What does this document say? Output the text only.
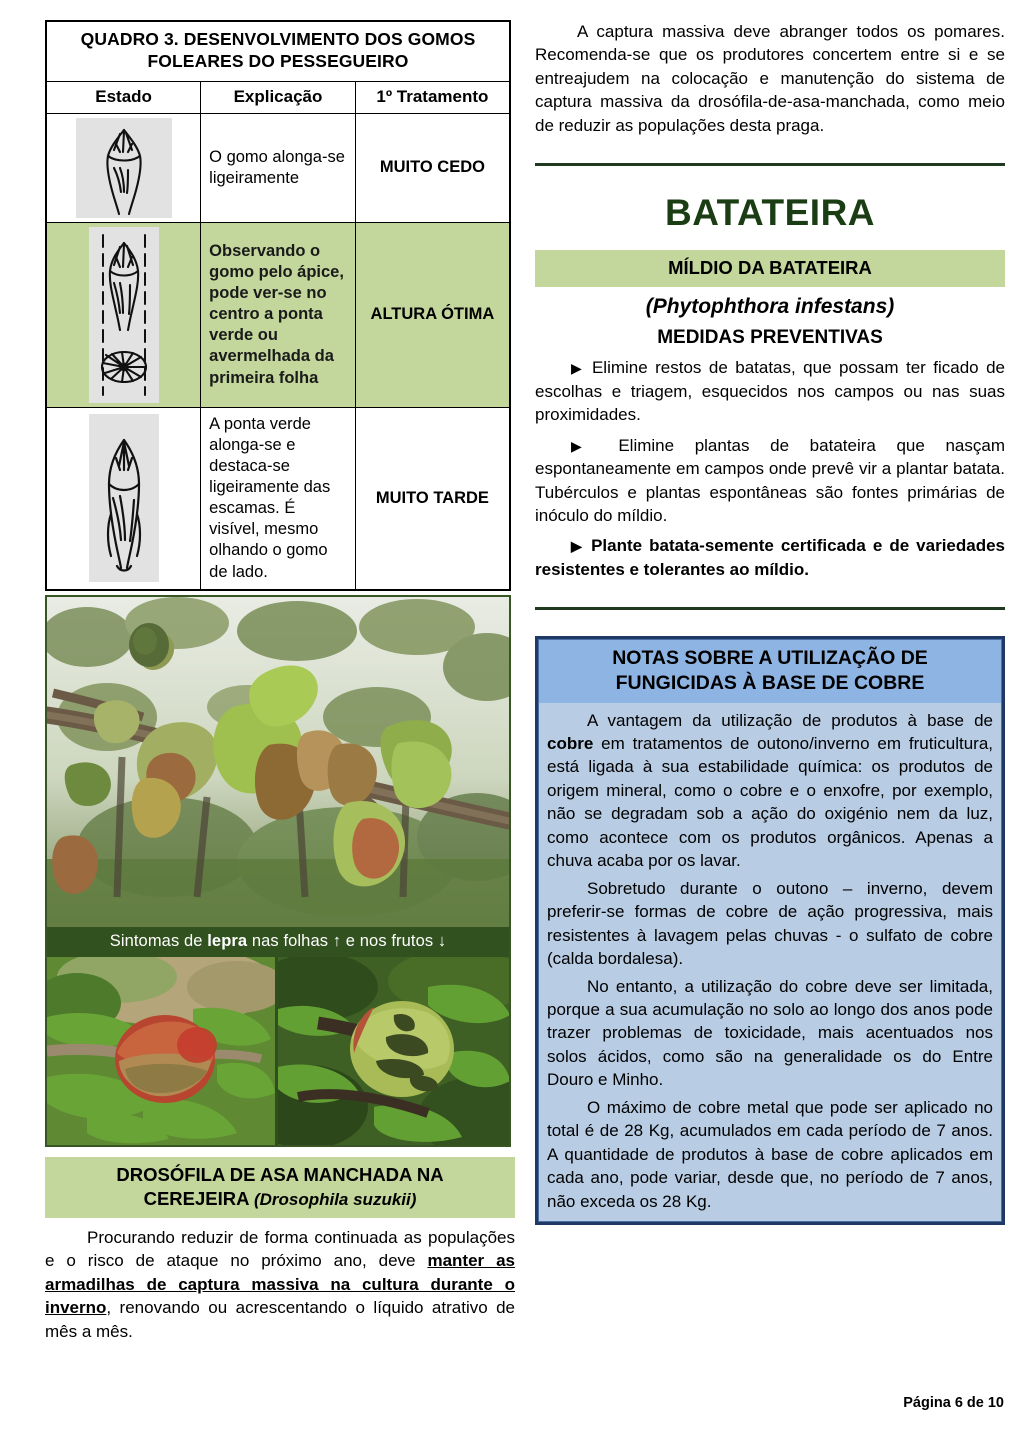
QUADRO 3. DESENVOLVIMENTO DOS GOMOS FOLEARES DO PESSEGUEIRO		
Estado	Explicação	1º Tratamento

	O gomo alonga-se ligeiramente	MUITO CEDO

	Observando o gomo pelo ápice, pode ver-se no centro a ponta verde ou avermelhada da primeira folha	ALTURA ÓTIMA

	A ponta verde alonga-se e destaca-se ligeiramente das escamas. É visível, mesmo olhando o gomo de lado.	MUITO TARDE
Sintomas de lepra nas folhas ↑ e nos frutos ↓
DROSÓFILA DE ASA MANCHADA NA
CEREJEIRA (Drosophila suzukii)

Procurando reduzir de forma continuada as populações e o risco de ataque no próximo ano, deve manter as armadilhas de captura massiva na cultura durante o inverno, renovando ou acrescentando o líquido atrativo de mês a mês.

A captura massiva deve abranger todos os pomares. Recomenda-se que os produtores concertem entre si e se entreajudem na colocação e manutenção do sistema de captura massiva da drosófila-de-asa-manchada, como meio de reduzir as populações desta praga.

BATATEIRA
MÍLDIO DA BATATEIRA
(Phytophthora infestans)
MEDIDAS PREVENTIVAS

▶ Elimine restos de batatas, que possam ter ficado de escolhas e triagem, esquecidos nos campos ou nas suas proximidades.

▶ Elimine plantas de batateira que nasçam espontaneamente em campos onde prevê vir a plantar batata. Tubérculos e plantas espontâneas são fontes primárias de inóculo do míldio.

▶ Plante batata-semente certificada e de variedades resistentes e tolerantes ao míldio.

NOTAS SOBRE A UTILIZAÇÃO DE
FUNGICIDAS À BASE DE COBRE

A vantagem da utilização de produtos à base de cobre em tratamentos de outono/inverno em fruticultura, está ligada à sua estabilidade química: os produtos de origem mineral, como o cobre e o enxofre, por exemplo, não se degradam sob a ação do oxigénio nem da luz, como acontece com os produtos orgânicos. Apenas a chuva acaba por os lavar.

Sobretudo durante o outono – inverno, devem preferir-se formas de cobre de ação progressiva, mais resistentes à lavagem pelas chuvas - o sulfato de cobre (calda bordalesa).

No entanto, a utilização do cobre deve ser limitada, porque a sua acumulação no solo ao longo dos anos pode trazer problemas de toxicidade, mais acentuados nos solos ácidos, como são na generalidade os do Entre Douro e Minho.

O máximo de cobre metal que pode ser aplicado no total é de 28 Kg, acumulados em cada período de 7 anos. A quantidade de produtos à base de cobre aplicados em cada ano, pode variar, desde que, no período de 7 anos, não exceda os 28 Kg.

Página 6 de 10
